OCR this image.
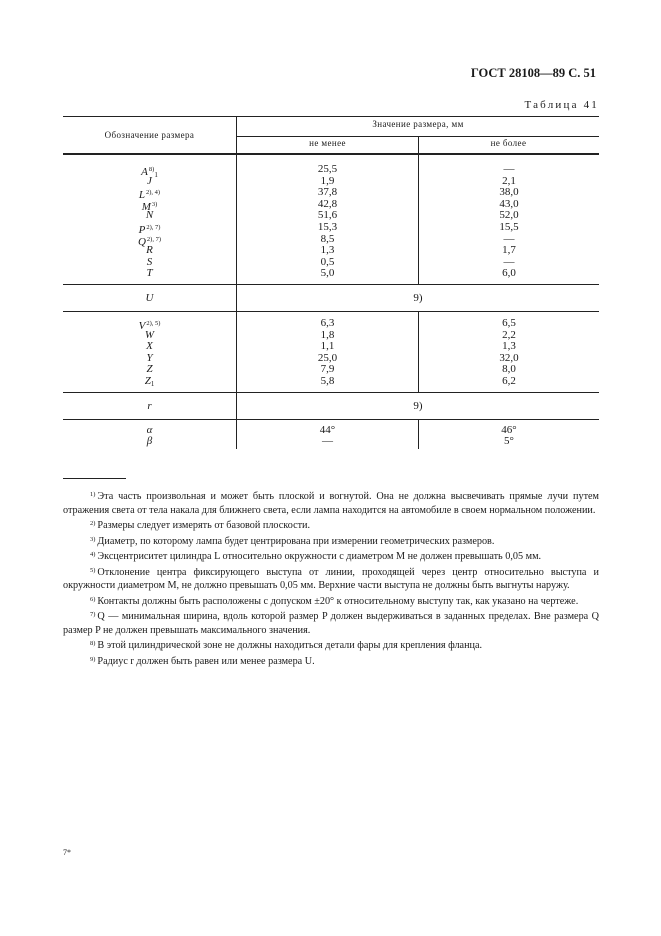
ГОСТ 28108—89 С. 51
Таблица 41
Обозначение размера
Значение размера, мм
не менее	не более
$A^{8)}_1$	25,5	—
J	1,9	2,1
$L^{2), 4)}$	37,8	38,0
$M^{3)}$	42,8	43,0
N	51,6	52,0
$P^{2), 7)}$	15,3	15,5
$Q^{2), 7)}$	8,5	—
R	1,3	1,7
S	0,5	—
T	5,0	6,0
U	9)
$V^{2), 5)}$	6,3	6,5
W	1,8	2,2
X	1,1	1,3
Y	25,0	32,0
Z	7,9	8,0
$Z_1$	5,8	6,2
r	9)
α	44°	46°
β	—	5°

$^{1)}$ Эта часть произвольная и может быть плоской и вогнутой. Она не должна высвечивать прямые лучи путем отражения света от тела накала для ближнего света, если лампа находится на автомобиле в своем нормальном положении.

$^{2)}$ Размеры следует измерять от базовой плоскости.

$^{3)}$ Диаметр, по которому лампа будет центрирована при измерении геометрических размеров.

$^{4)}$ Эксцентриситет цилиндра L относительно окружности с диаметром M не должен превышать 0,05 мм.

$^{5)}$ Отклонение центра фиксирующего выступа от линии, проходящей через центр относительно выступа и окружности диаметром M, не должно превышать 0,05 мм. Верхние части выступа не должны быть выгнуты наружу.

$^{6)}$ Контакты должны быть расположены с допуском ±20° к относительному выступу так, как указано на чертеже.

$^{7)}$ Q — минимальная ширина, вдоль которой размер P должен выдерживаться в заданных пределах. Вне размера Q размер P не должен превышать максимального значения.

$^{8)}$ В этой цилиндрической зоне не должны находиться детали фары для крепления фланца.

$^{9)}$ Радиус r должен быть равен или менее размера U.

7*
